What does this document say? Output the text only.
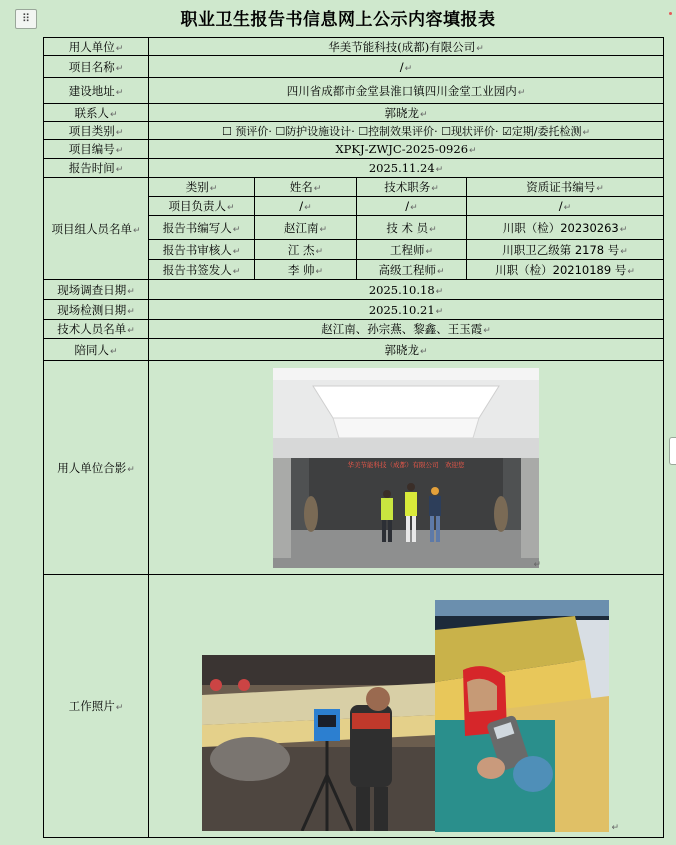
⠿	职业卫生报告书信息网上公示内容填报表
用人单位↵	华美节能科技(成都)有限公司↵			
项目名称↵	/↵			
建设地址↵	四川省成都市金堂县淮口镇四川金堂工业园内↵			
联系人↵	郭晓龙↵			
项目类别↵	☐ 预评价· ☐防护设施设计· ☐控制效果评价· ☐现状评价· ☑定期/委托检测↵			
项目编号↵	XPKJ-ZWJC-2025-0926↵			
报告时间↵	2025.11.24↵			
项目组人员名单↵	类别↵	姓名↵	技术职务↵	资质证书编号↵
	项目负责人↵	/↵	/↵	/↵
	报告书编写人↵	赵江南↵	技 术 员↵	川职（检）20230263↵
	报告书审核人↵	江 杰↵	工程师↵	川职卫乙级第 2178 号↵
	报告书签发人↵	李 帅↵	高级工程师↵	川职（检）20210189 号↵
现场调查日期↵	2025.10.18↵			
现场检测日期↵	2025.10.21↵			
技术人员名单↵	赵江南、孙宗燕、黎鑫、王玉霞↵			
陪同人↵	郭晓龙↵			
用人单位合影↵	华美节能科技（成都）有限公司　欢迎您
↵			

工作照片↵	↵			
